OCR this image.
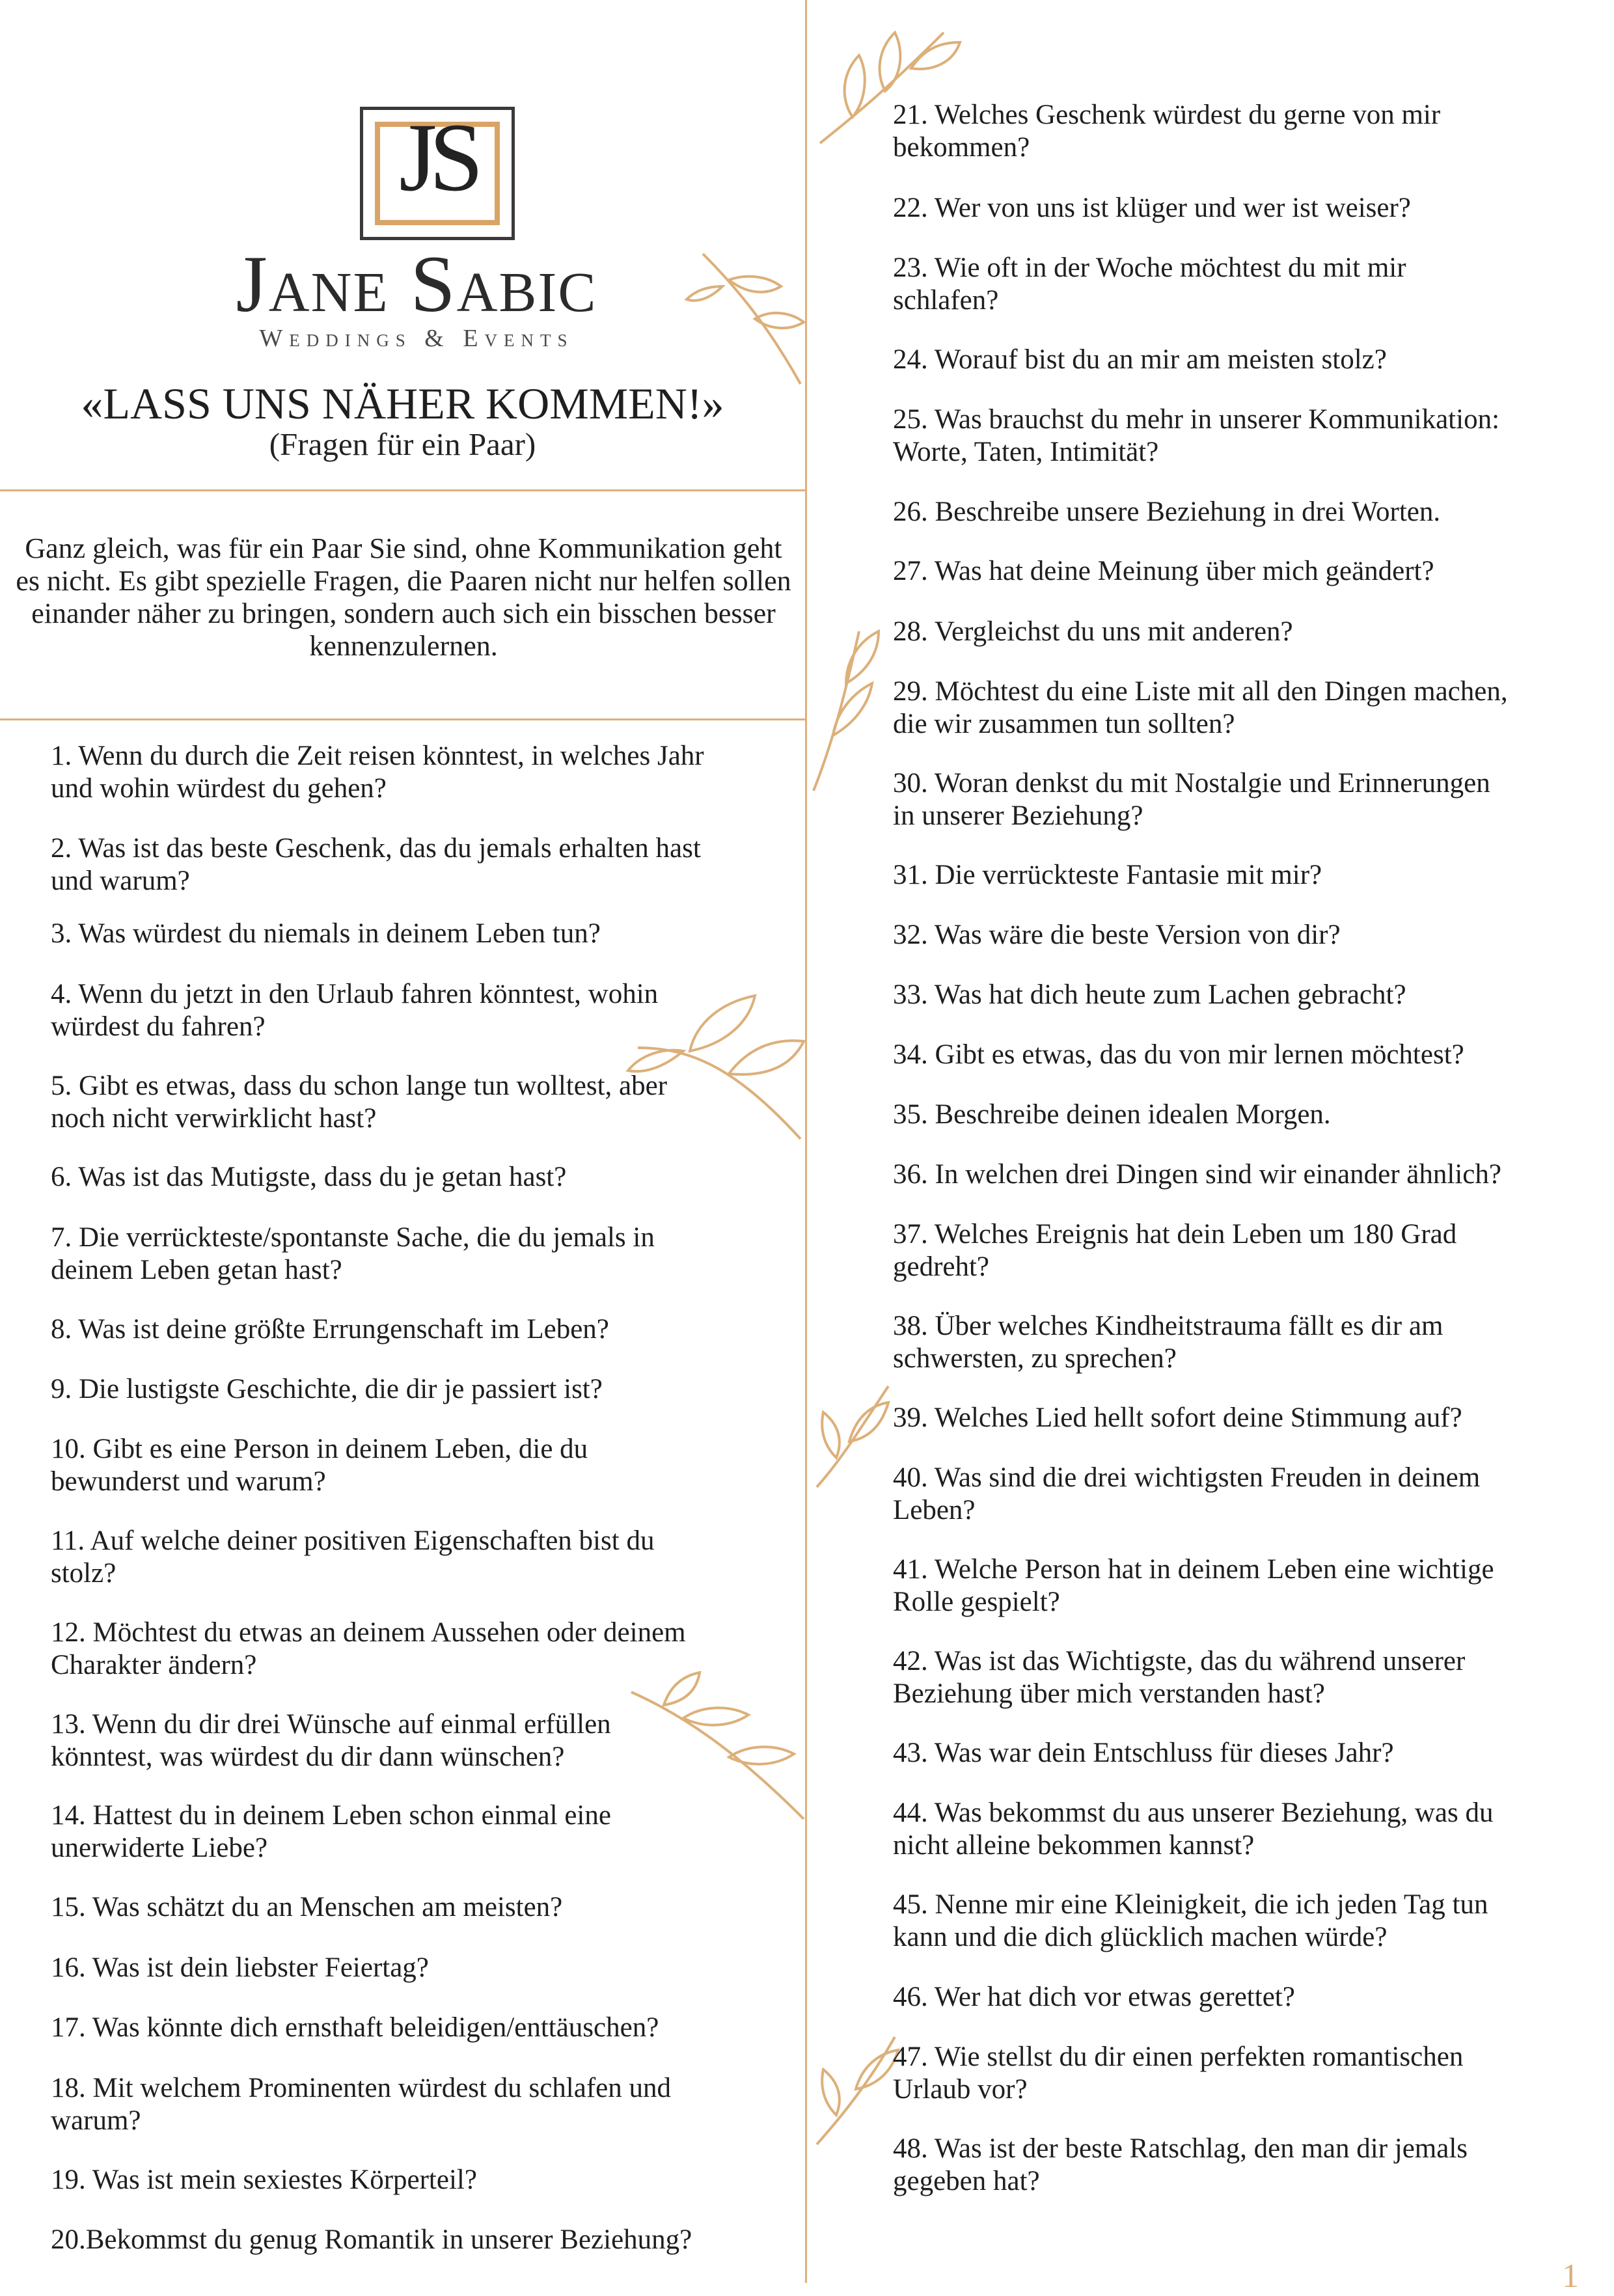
JS
Jane Sabic
Weddings & Events
«LASS UNS NÄHER KOMMEN!»
(Fragen für ein Paar)
Ganz gleich, was für ein Paar Sie sind, ohne Kommunikation geht es nicht. Es gibt spezielle Fragen, die Paaren nicht nur helfen sollen einander näher zu bringen, sondern auch sich ein bisschen besser kennenzulernen.
1. Wenn du durch die Zeit reisen könntest, in welches Jahr
und wohin würdest du gehen?
2. Was ist das beste Geschenk, das du jemals erhalten hast
und warum?
3. Was würdest du niemals in deinem Leben tun?
4. Wenn du jetzt in den Urlaub fahren könntest, wohin
würdest du fahren?
5. Gibt es etwas, dass du schon lange tun wolltest, aber
noch nicht verwirklicht hast?
6. Was ist das Mutigste, dass du je getan hast?
7. Die verrückteste/spontanste Sache, die du jemals in
deinem Leben getan hast?
8. Was ist deine größte Errungenschaft im Leben?
9. Die lustigste Geschichte, die dir je passiert ist?
10. Gibt es eine Person in deinem Leben, die du
bewunderst und warum?
11. Auf welche deiner positiven Eigenschaften bist du
stolz?
12. Möchtest du etwas an deinem Aussehen oder deinem
Charakter ändern?
13. Wenn du dir drei Wünsche auf einmal erfüllen
könntest, was würdest du dir dann wünschen?
14. Hattest du in deinem Leben schon einmal eine
unerwiderte Liebe?
15. Was schätzt du an Menschen am meisten?
16. Was ist dein liebster Feiertag?
17. Was könnte dich ernsthaft beleidigen/enttäuschen?
18. Mit welchem Prominenten würdest du schlafen und
warum?
19. Was ist mein sexiestes Körperteil?
20.Bekommst du genug Romantik in unserer Beziehung?
21. Welches Geschenk würdest du gerne von mir
bekommen?
22. Wer von uns ist klüger und wer ist weiser?
23. Wie oft in der Woche möchtest du mit mir
schlafen?
24. Worauf bist du an mir am meisten stolz?
25. Was brauchst du mehr in unserer Kommunikation:
Worte, Taten, Intimität?
26. Beschreibe unsere Beziehung in drei Worten.
27. Was hat deine Meinung über mich geändert?
28. Vergleichst du uns mit anderen?
29. Möchtest du eine Liste mit all den Dingen machen,
die wir zusammen tun sollten?
30. Woran denkst du mit Nostalgie und Erinnerungen
in unserer Beziehung?
31. Die verrückteste Fantasie mit mir?
32. Was wäre die beste Version von dir?
33. Was hat dich heute zum Lachen gebracht?
34. Gibt es etwas, das du von mir lernen möchtest?
35. Beschreibe deinen idealen Morgen.
36. In welchen drei Dingen sind wir einander ähnlich?
37. Welches Ereignis hat dein Leben um 180 Grad
gedreht?
38. Über welches Kindheitstrauma fällt es dir am
schwersten, zu sprechen?
39. Welches Lied hellt sofort deine Stimmung auf?
40. Was sind die drei wichtigsten Freuden in deinem
Leben?
41. Welche Person hat in deinem Leben eine wichtige
Rolle gespielt?
42. Was ist das Wichtigste, das du während unserer
Beziehung über mich verstanden hast?
43. Was war dein Entschluss für dieses Jahr?
44. Was bekommst du aus unserer Beziehung, was du
nicht alleine bekommen kannst?
45. Nenne mir eine Kleinigkeit, die ich jeden Tag tun
kann und die dich glücklich machen würde?
46. Wer hat dich vor etwas gerettet?
47. Wie stellst du dir einen perfekten romantischen
Urlaub vor?
48. Was ist der beste Ratschlag, den man dir jemals
gegeben hat?
1
